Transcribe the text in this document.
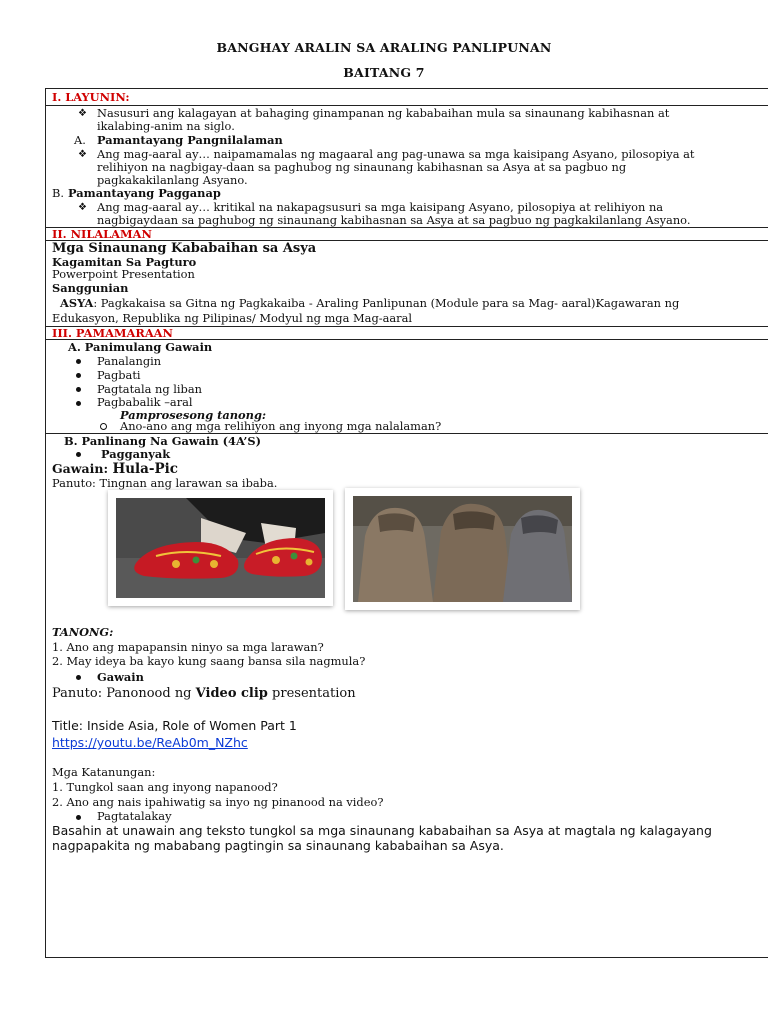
BANGHAY ARALIN SA ARALING PANLIPUNAN
BAITANG 7
I. LAYUNIN:
❖ Nasusuri ang kalagayan at bahaging ginampanan ng kababaihan mula sa sinaunang kabihasnan at
ikalabing-anim na siglo.
A. Pamantayang Pangnilalaman
❖ Ang mag-aaral ay… naipamamalas ng magaaral ang pag-unawa sa mga kaisipang Asyano, pilosopiya at
relihiyon na nagbigay-daan sa paghubog ng sinaunang kabihasnan sa Asya at sa pagbuo ng
pagkakakilanlang Asyano.
B. Pamantayang Pagganap
❖ Ang mag-aaral ay… kritikal na nakapagsusuri sa mga kaisipang Asyano, pilosopiya at relihiyon na
nagbigaydaan sa paghubog ng sinaunang kabihasnan sa Asya at sa pagbuo ng pagkakilanlang Asyano.
II. NILALAMAN
Mga Sinaunang Kababaihan sa Asya
Kagamitan Sa Pagturo
Powerpoint Presentation
Sanggunian
ASYA: Pagkakaisa sa Gitna ng Pagkakaiba - Araling Panlipunan (Module para sa Mag- aaral)Kagawaran ng
Edukasyon, Republika ng Pilipinas/ Modyul ng mga Mag-aaral
III. PAMAMARAAN
A. Panimulang Gawain
Panalangin
Pagbati
Pagtatala ng liban
Pagbabalik –aral
Pamprosesong tanong:
Ano-ano ang mga relihiyon ang inyong mga nalalaman?
B. Panlinang Na Gawain (4A’S)
Pagganyak
Gawain: Hula-Pic
Panuto: Tingnan ang larawan sa ibaba.
TANONG:
1. Ano ang mapapansin ninyo sa mga larawan?
2. May ideya ba kayo kung saang bansa sila nagmula?
Gawain
Panuto: Panonood ng Video clip presentation
Title: Inside Asia, Role of Women Part 1
https://youtu.be/ReAb0m_NZhc
Mga Katanungan:
1. Tungkol saan ang inyong napanood?
2. Ano ang nais ipahiwatig sa inyo ng pinanood na video?
Pagtatalakay
Basahin at unawain ang teksto tungkol sa mga sinaunang kababaihan sa Asya at magtala ng kalagayang
nagpapakita ng mababang pagtingin sa sinaunang kababaihan sa Asya.
